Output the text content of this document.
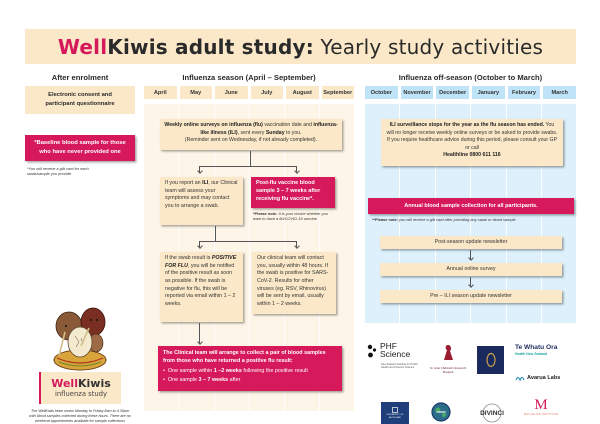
WellKiwis adult study: Yearly study activities
After enrolment
Electronic consent and participant questionnaire
*Baseline blood sample for those who have never provided one
*You will receive a gift card for each swab/sample you provide.
WellKiwis
influenza study
The WellKiwis team works Monday to Friday 8am to 4.30pm with blood samples collected during these hours. There are no weekend appointments available for sample collections
Influenza season (April – September)
April	May	June	July	August	September
Weekly online surveys on influenza (flu) vaccination date and influenza-like illness (ILI), sent every Sunday to you.
(Reminder sent on Wednesday, if not already completed).
If you report an ILI, our Clinical team will assess your symptoms and may contact you to arrange a swab.
Post-flu vaccine blood sample 3 – 7 weeks after receiving flu vaccine*.
*Please note: It is your choice whether you want to have a flu/COVID-19 vaccine.
If the swab result is POSITIVE FOR FLU, you will be notified of the positive result as soon as possible. If the swab is negative for flu, this will be reported via email within 1 – 2 weeks.
Our clinical team will contact you, usually within 48 hours. If the swab is positive for SARS-CoV-2. Results for other viruses (eg. RSV, Rhinovirus) will be sent by email, usually within 1 – 2 weeks.
The Clinical team will arrange to collect a pair of blood samples from those who have returned a positive flu result:
•  One sample within 1 –2 weeks following the positive result
•  One sample 3 – 7 weeks after
Influenza off-season (October to March)
October	November	December	January	February	March
ILI surveillance stops for the year as the flu season has ended. You will no longer receive weekly online surveys or be asked to provide swabs. If you require healthcare advice during this period, please consult your GP or call
Healthline 0800 611 116
Annual blood sample collection for all participants.
**Please note: you will receive a gift card after providing any swab or blood sample
Post-season update newsletter
Annual online survey
Pre – ILI season update newsletter
PHF
Science
New Zealand Institute for Public Health and Forensic Science	St. Jude Children's Research Hospital
Te Whatu Ora
Health New Zealand
Avarua Labs
UNIVERSITY OF AUCKLAND
CEIRR	DIVINCI	M
MALAGHAN INSTITUTE
